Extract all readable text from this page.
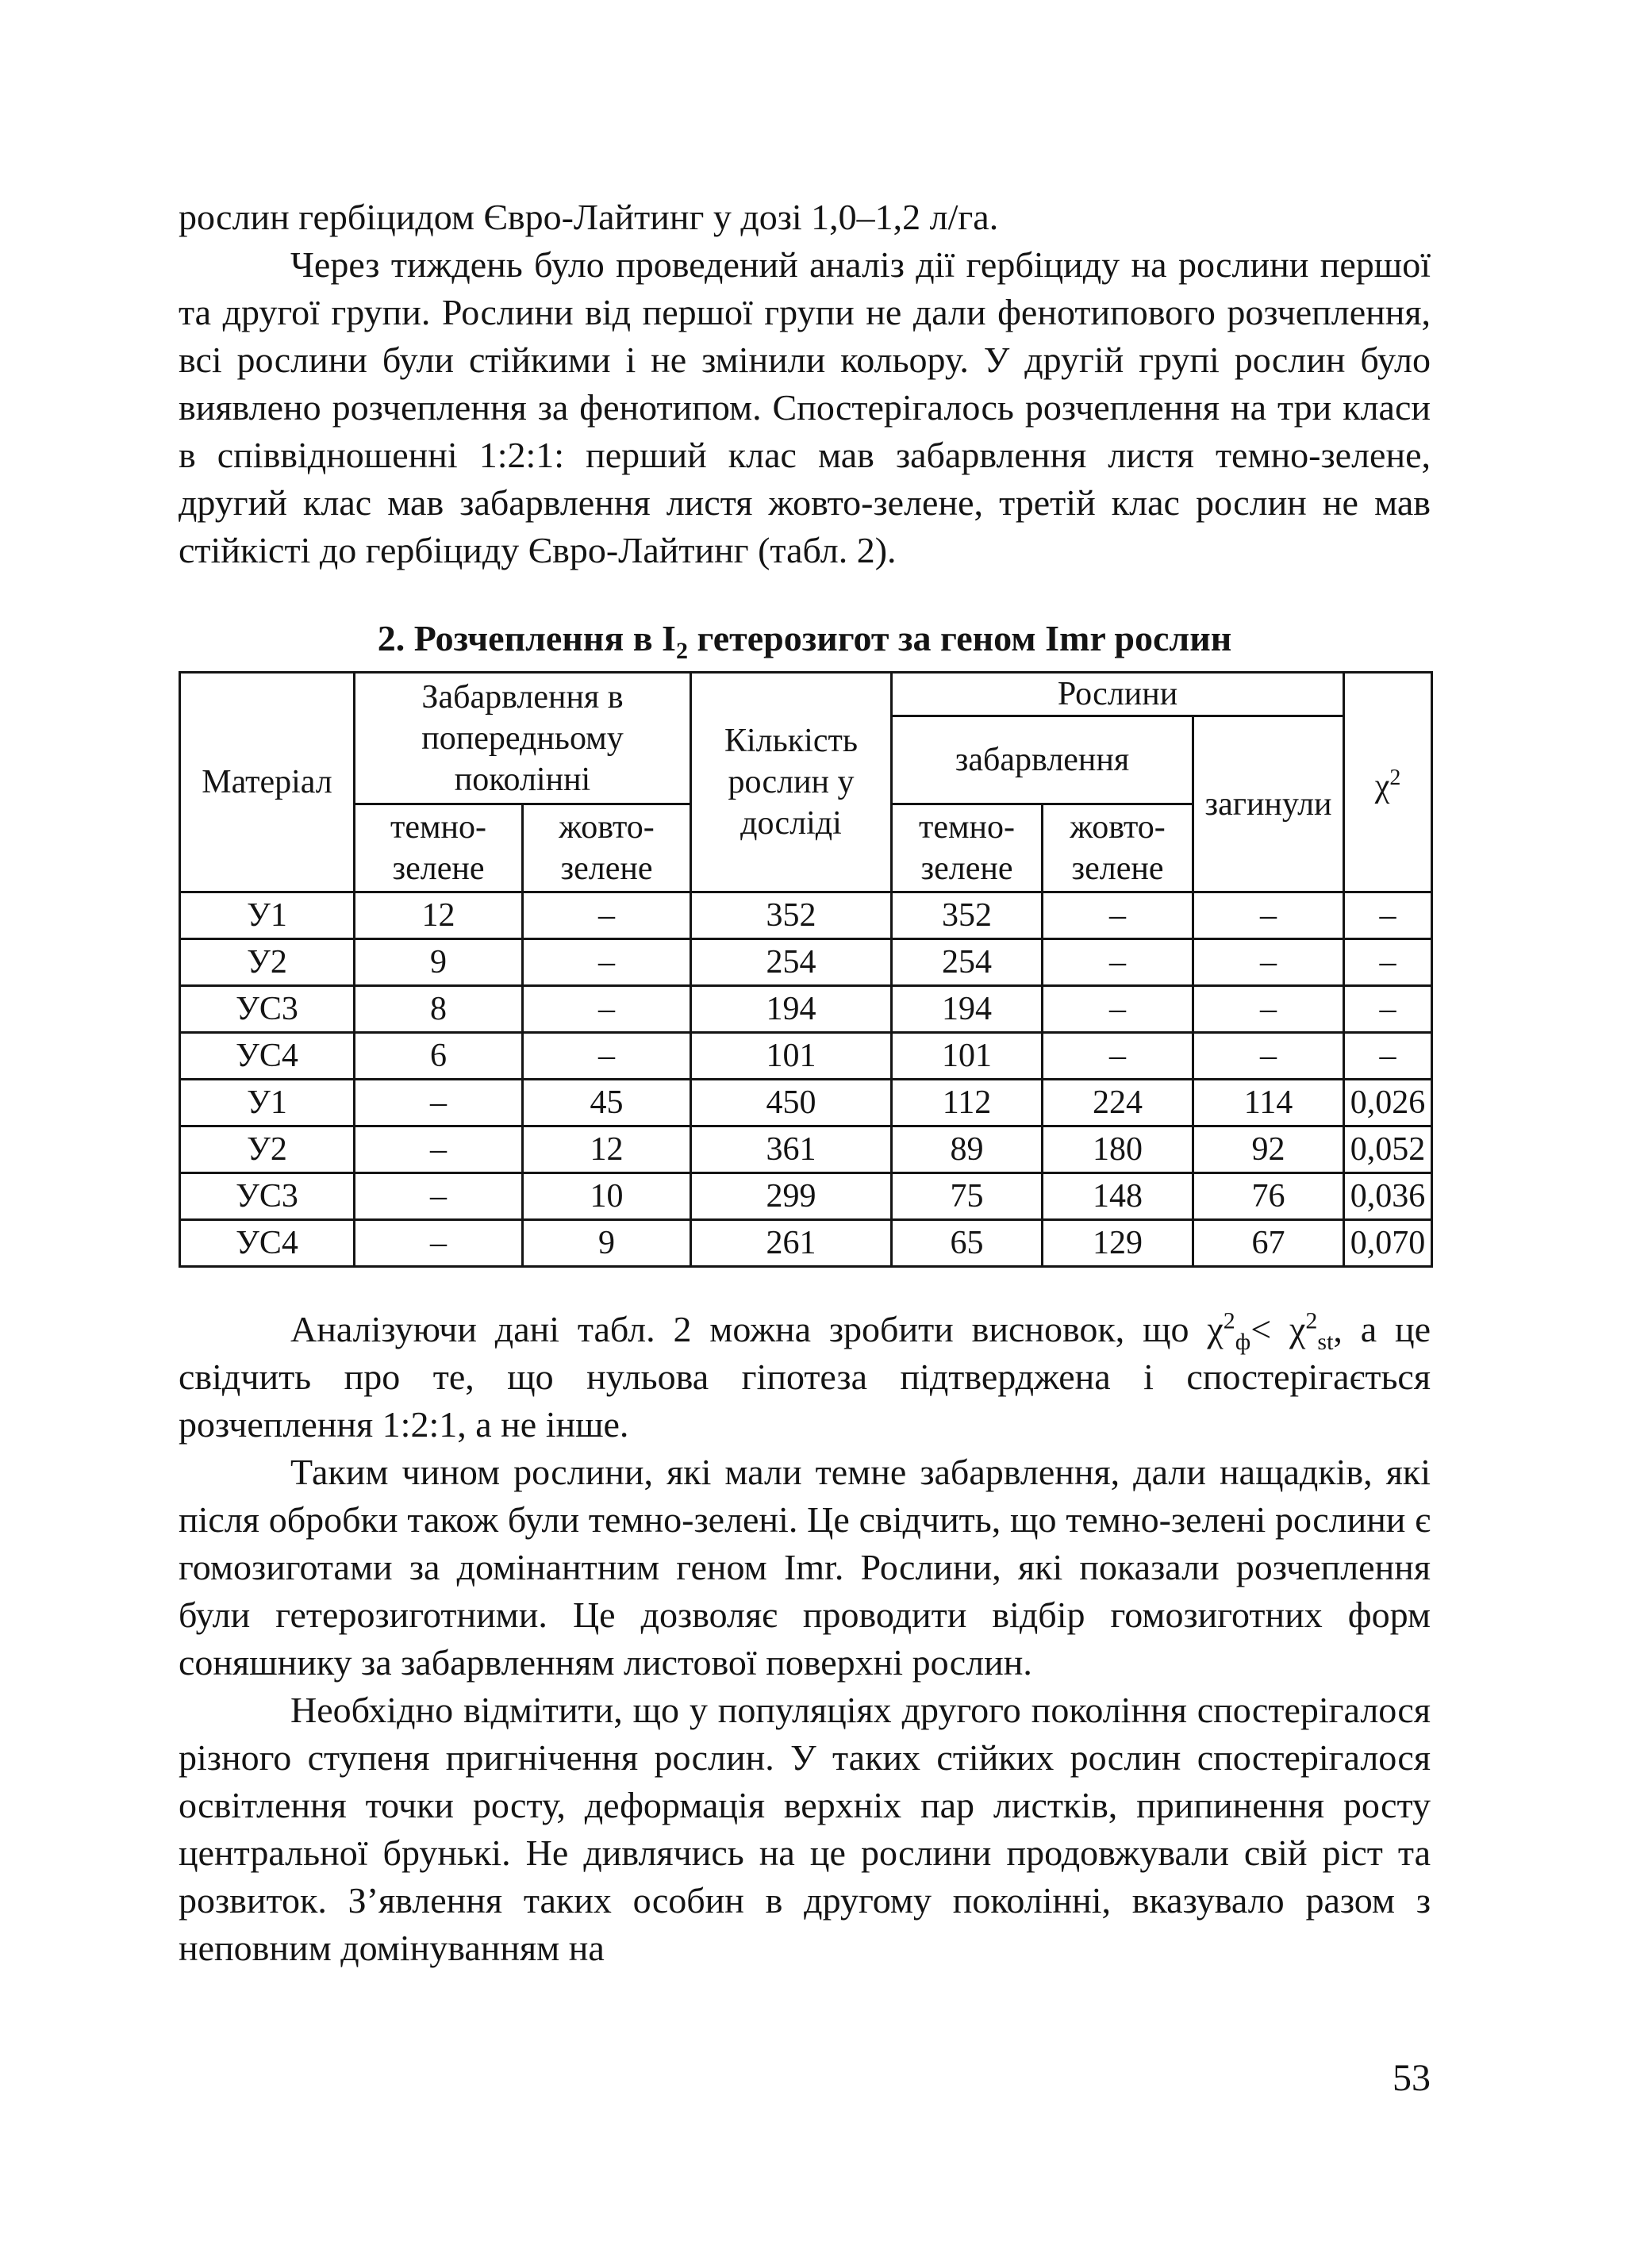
рослин гербіцидом Євро-Лайтинг у дозі 1,0–1,2 л/га.

Через тиждень було проведений аналіз дії гербіциду на рослини першої та другої групи. Рослини від першої групи не дали фенотипового розчеплення, всі рослини були стійкими і не змінили кольору. У другій групі рослин було виявлено розчеплення за фенотипом. Спостерігалось розчеплення на три класи в співвідношенні 1:2:1: перший клас мав забарвлення листя темно-зелене, другий клас мав забарвлення листя жовто-зелене, третій клас рослин не мав стійкісті до гербіциду Євро-Лайтинг (табл. 2).

2. Розчеплення в $I_2$ гетерозигот за геном Imr рослин
Матеріал	Забарвлення в попередньому поколінні		Кількість рослин у досліді	Рослини			$\chi^2$
				забарвлення		загинули	
	темно-зелене	жовто-зелене		темно-зелене	жовто-зелене		
У1	12	–	352	352	–	–	–
У2	9	–	254	254	–	–	–
УС3	8	–	194	194	–	–	–
УС4	6	–	101	101	–	–	–
У1	–	45	450	112	224	114	0,026
У2	–	12	361	89	180	92	0,052
УС3	–	10	299	75	148	76	0,036
УС4	–	9	261	65	129	67	0,070

Аналізуючи дані табл. 2 можна зробити висновок, що $\chi^2_ф< \chi^2_{st}$, а це свідчить про те, що нульова гіпотеза підтверджена і спостерігається розчеплення 1:2:1, а не інше.

Таким чином рослини, які мали темне забарвлення, дали нащадків, які після обробки також були темно-зелені. Це свідчить, що темно-зелені рослини є гомозиготами за домінантним геном Imr. Рослини, які показали розчеплення були гетерозиготними. Це дозволяє проводити відбір гомозиготних форм соняшнику за забарвленням листової поверхні рослин.

Необхідно відмітити, що у популяціях другого покоління спостерігалося різного ступеня пригнічення рослин. У таких стійких рослин спостерігалося освітлення точки росту, деформація верхніх пар листків, припинення росту центральної брунькі. Не дивлячись на це рослини продовжували свій ріст та розвиток. З’явлення таких особин в другому поколінні, вказувало разом з неповним домінуванням на

53
